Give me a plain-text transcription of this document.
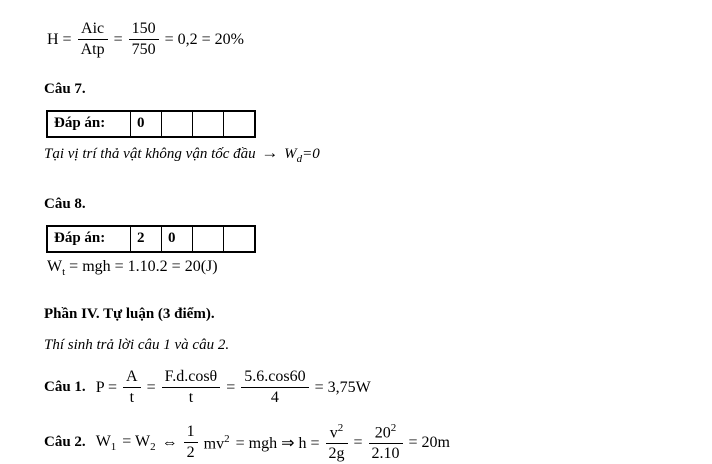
$H = \frac{\text{Aic}}{\text{Atp}} = \frac{150}{750} = 0,2 = 20\%$
Câu 7.
Đáp án:	0			
Tại vị trí thả vật không vận tốc đầu → $W_d=0$
Câu 8.
Đáp án:	2	0		
$W_t$ = mgh = 1.10.2 = 20(J)
Phần IV. Tự luận (3 điểm).
Thí sinh trả lời câu 1 và câu 2.
Câu 1. $P = \frac{A}{t} = \frac{F.d.\cos\theta}{t} = \frac{5.6.\cos 60}{4} = 3,75W$
Câu 2. $W_1 = W_2$ ⇔ $\frac{1}{2} mv^2$ = mgh ⇒ $h = \frac{v^2}{2g} = \frac{20^2}{2.10} = 20m$
